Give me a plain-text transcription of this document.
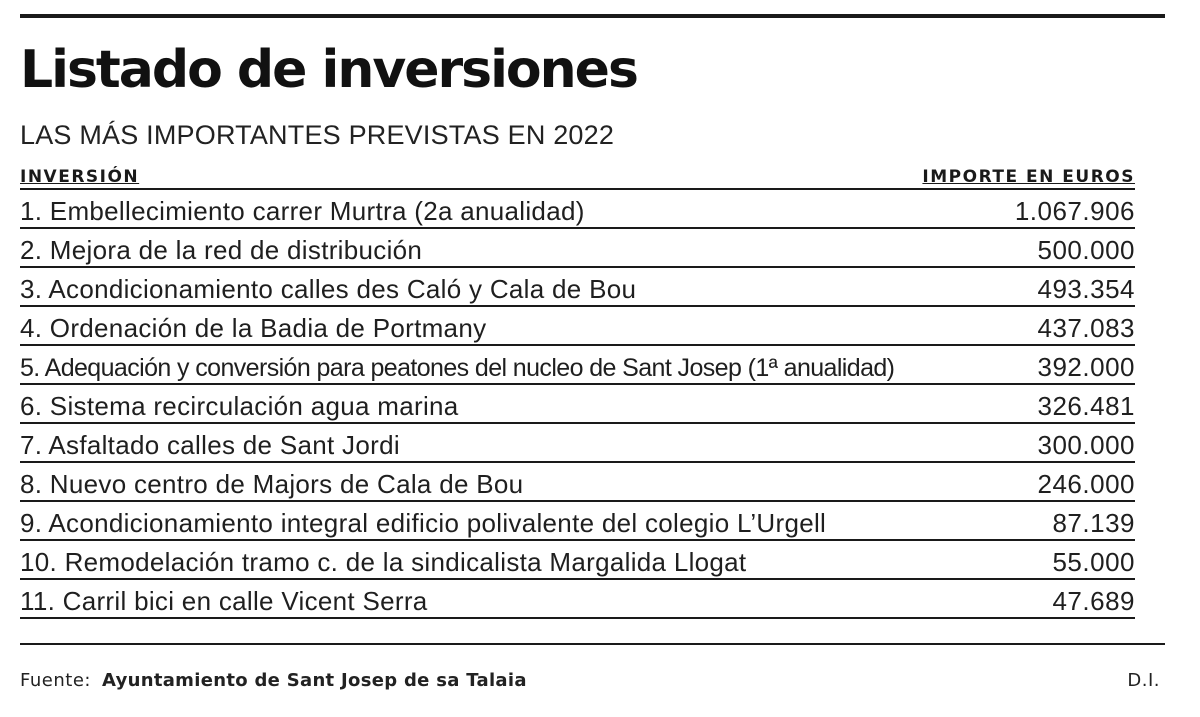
Listado de inversiones

LAS MÁS IMPORTANTES PREVISTAS EN 2022

INVERSIÓN	IMPORTE EN EUROS
1. Embellecimiento carrer Murtra (2a anualidad)	1.067.906
2. Mejora de la red de distribución	500.000
3. Acondicionamiento calles des Caló y Cala de Bou	493.354
4. Ordenación de la Badia de Portmany	437.083
5. Adequación y conversión para peatones del nucleo de Sant Josep (1ª anualidad)	392.000
6. Sistema recirculación agua marina	326.481
7. Asfaltado calles de Sant Jordi	300.000
8. Nuevo centro de Majors de Cala de Bou	246.000
9. Acondicionamiento integral edificio polivalente del colegio L’Urgell	87.139
10. Remodelación tramo c. de la sindicalista Margalida Llogat	55.000
11. Carril bici en calle Vicent Serra	47.689
Fuente: Ayuntamiento de Sant Josep de sa Talaia	D.I.
